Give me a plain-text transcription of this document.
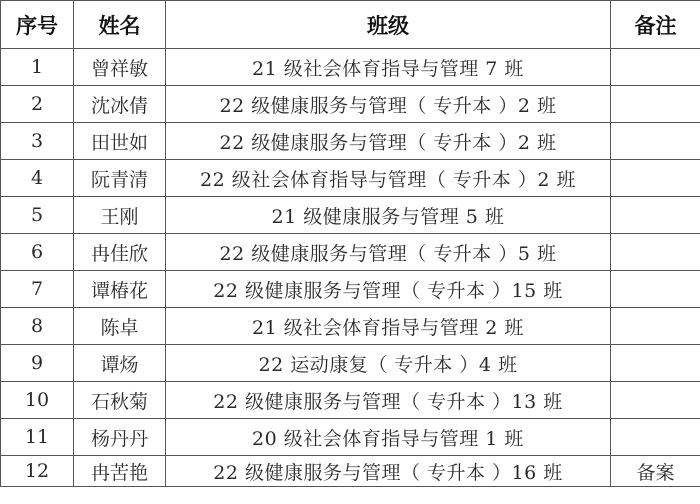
序号	姓名	班级	备注
1	曾祥敏	21 级社会体育指导与管理 7 班	
2	沈冰倩	22 级健康服务与管理（ 专升本 ）2 班	
3	田世如	22 级健康服务与管理（ 专升本 ）2 班	
4	阮青清	22 级社会体育指导与管理（ 专升本 ）2 班	
5	王刚	21 级健康服务与管理 5 班	
6	冉佳欣	22 级健康服务与管理（ 专升本 ）5 班	
7	谭椿花	22 级健康服务与管理（ 专升本 ）15 班	
8	陈卓	21 级社会体育指导与管理 2 班	
9	谭炀	22 运动康复（ 专升本 ）4 班	
10	石秋菊	22 级健康服务与管理（ 专升本 ）13 班	
11	杨丹丹	20 级社会体育指导与管理 1 班	
12	冉苦艳	22 级健康服务与管理（ 专升本 ）16 班	备案
